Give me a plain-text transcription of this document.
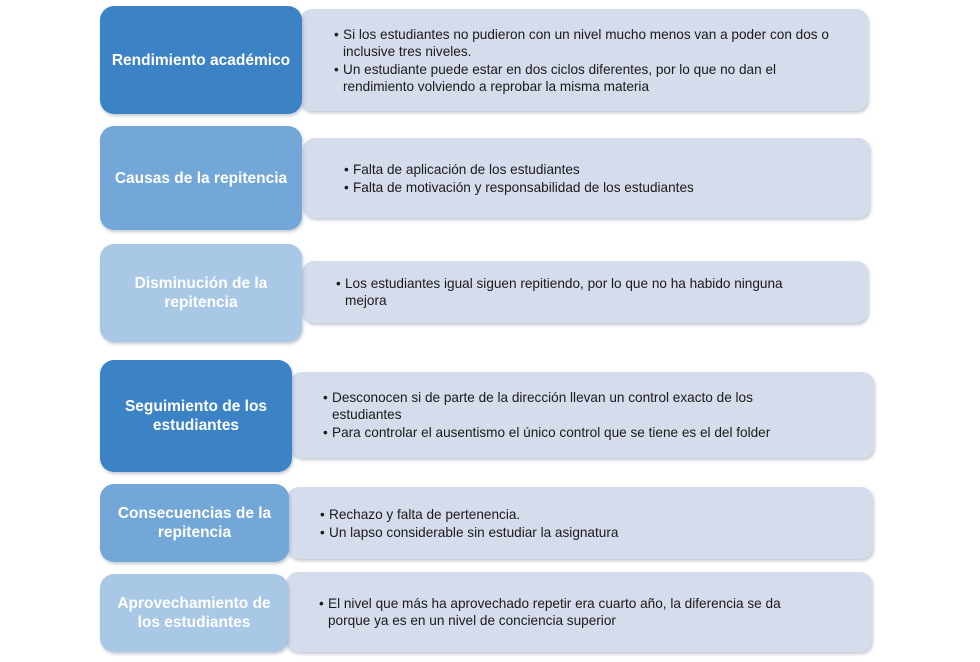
• Si los estudiantes no pudieron con un nivel mucho menos van a poder con dos o inclusive tres niveles.
• Un estudiante puede estar en dos ciclos diferentes, por lo que no dan el rendimiento volviendo a reprobar la misma materia
Rendimiento académico
• Falta de aplicación de los estudiantes
• Falta de motivación y responsabilidad de los estudiantes
Causas de la repitencia
• Los estudiantes igual siguen repitiendo, por lo que no ha habido ninguna mejora
Disminución de la repitencia
• Desconocen si de parte de la dirección llevan un control exacto de los estudiantes
• Para controlar el ausentismo el único control que se tiene es el del folder
Seguimiento de los estudiantes
• Rechazo y falta de pertenencia.
• Un lapso considerable sin estudiar la asignatura
Consecuencias de la repitencia
• El nivel que más ha aprovechado repetir era cuarto año, la diferencia se da porque ya es en un nivel de conciencia superior
Aprovechamiento de los estudiantes
